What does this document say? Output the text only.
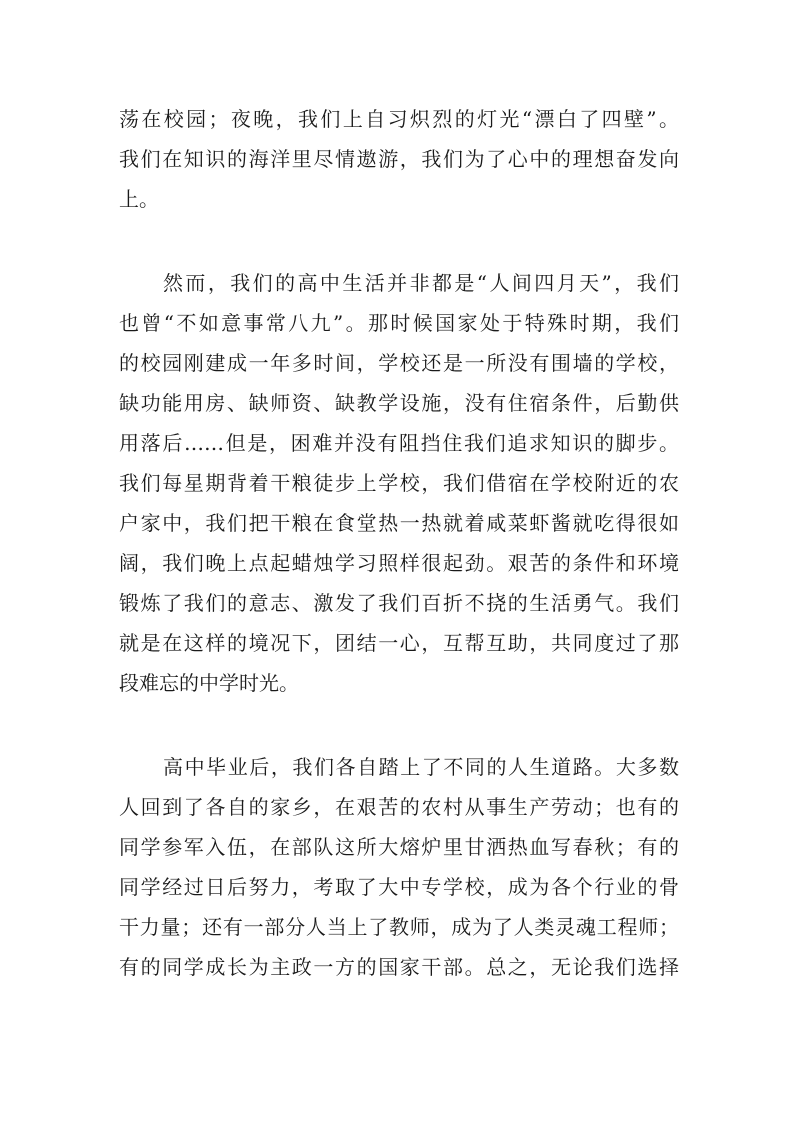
荡在校园；夜晚，我们上自习炽烈的灯光“漂白了四壁”。
我们在知识的海洋里尽情遨游，我们为了心中的理想奋发向
上。
然而，我们的高中生活并非都是“人间四月天”，我们
也曾“不如意事常八九”。那时候国家处于特殊时期，我们
的校园刚建成一年多时间，学校还是一所没有围墙的学校，
缺功能用房、缺师资、缺教学设施，没有住宿条件，后勤供
用落后……但是，困难并没有阻挡住我们追求知识的脚步。
我们每星期背着干粮徒步上学校，我们借宿在学校附近的农
户家中，我们把干粮在食堂热一热就着咸菜虾酱就吃得很如
阔，我们晚上点起蜡烛学习照样很起劲。艰苦的条件和环境
锻炼了我们的意志、激发了我们百折不挠的生活勇气。我们
就是在这样的境况下，团结一心，互帮互助，共同度过了那
段难忘的中学时光。
高中毕业后，我们各自踏上了不同的人生道路。大多数
人回到了各自的家乡，在艰苦的农村从事生产劳动；也有的
同学参军入伍，在部队这所大熔炉里甘洒热血写春秋；有的
同学经过日后努力，考取了大中专学校，成为各个行业的骨
干力量；还有一部分人当上了教师，成为了人类灵魂工程师；
有的同学成长为主政一方的国家干部。总之，无论我们选择
